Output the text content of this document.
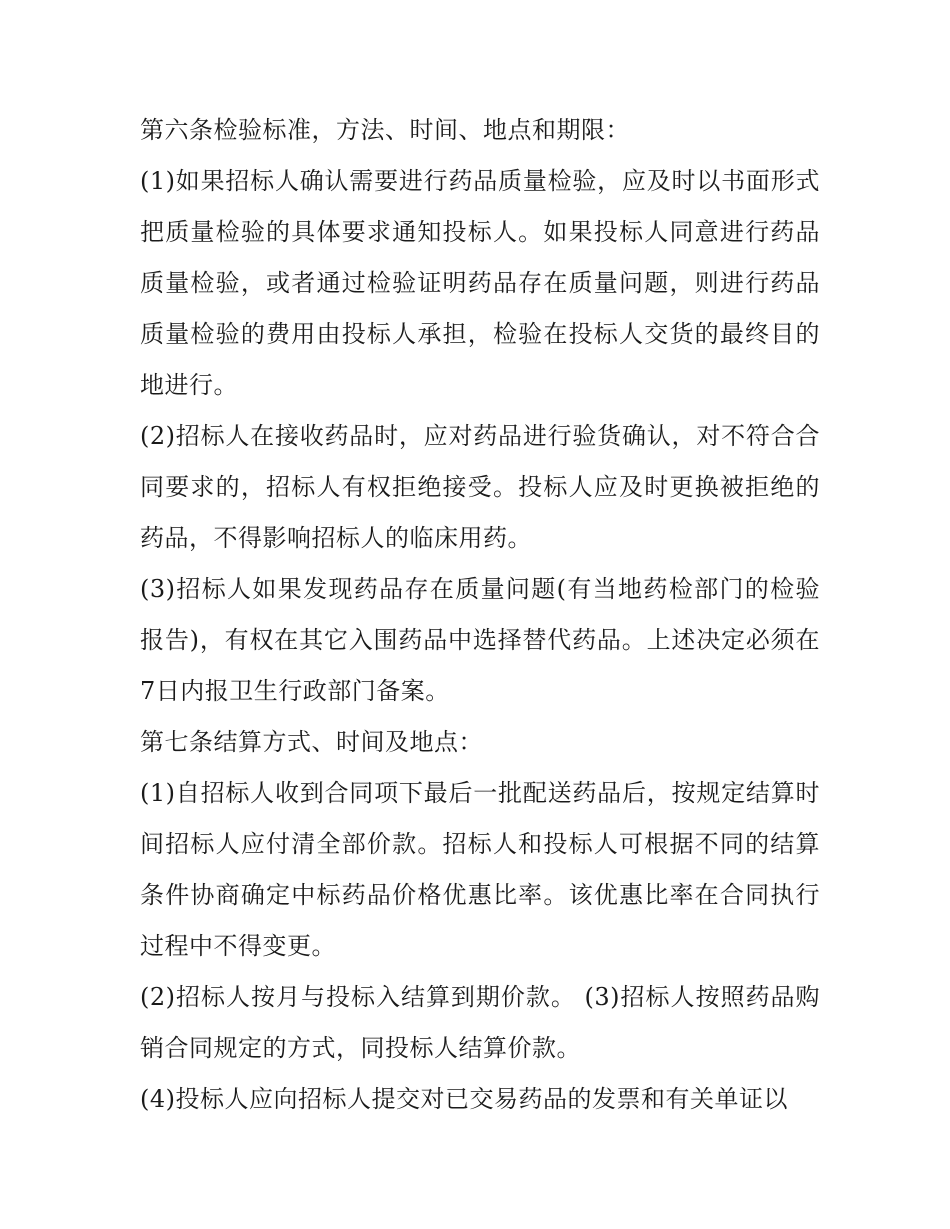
第六条检验标准，方法、时间、地点和期限：

(1)如果招标人确认需要进行药品质量检验，应及时以书面形式把质量检验的具体要求通知投标人。如果投标人同意进行药品质量检验，或者通过检验证明药品存在质量问题，则进行药品质量检验的费用由投标人承担，检验在投标人交货的最终目的地进行。

(2)招标人在接收药品时，应对药品进行验货确认，对不符合合同要求的，招标人有权拒绝接受。投标人应及时更换被拒绝的药品，不得影响招标人的临床用药。

(3)招标人如果发现药品存在质量问题(有当地药检部门的检验报告)，有权在其它入围药品中选择替代药品。上述决定必须在7日内报卫生行政部门备案。

第七条结算方式、时间及地点：

(1)自招标人收到合同项下最后一批配送药品后，按规定结算时间招标人应付清全部价款。招标人和投标人可根据不同的结算条件协商确定中标药品价格优惠比率。该优惠比率在合同执行过程中不得变更。

(2)招标人按月与投标入结算到期价款。 (3)招标人按照药品购销合同规定的方式，同投标人结算价款。

(4)投标人应向招标人提交对已交易药品的发票和有关单证以
